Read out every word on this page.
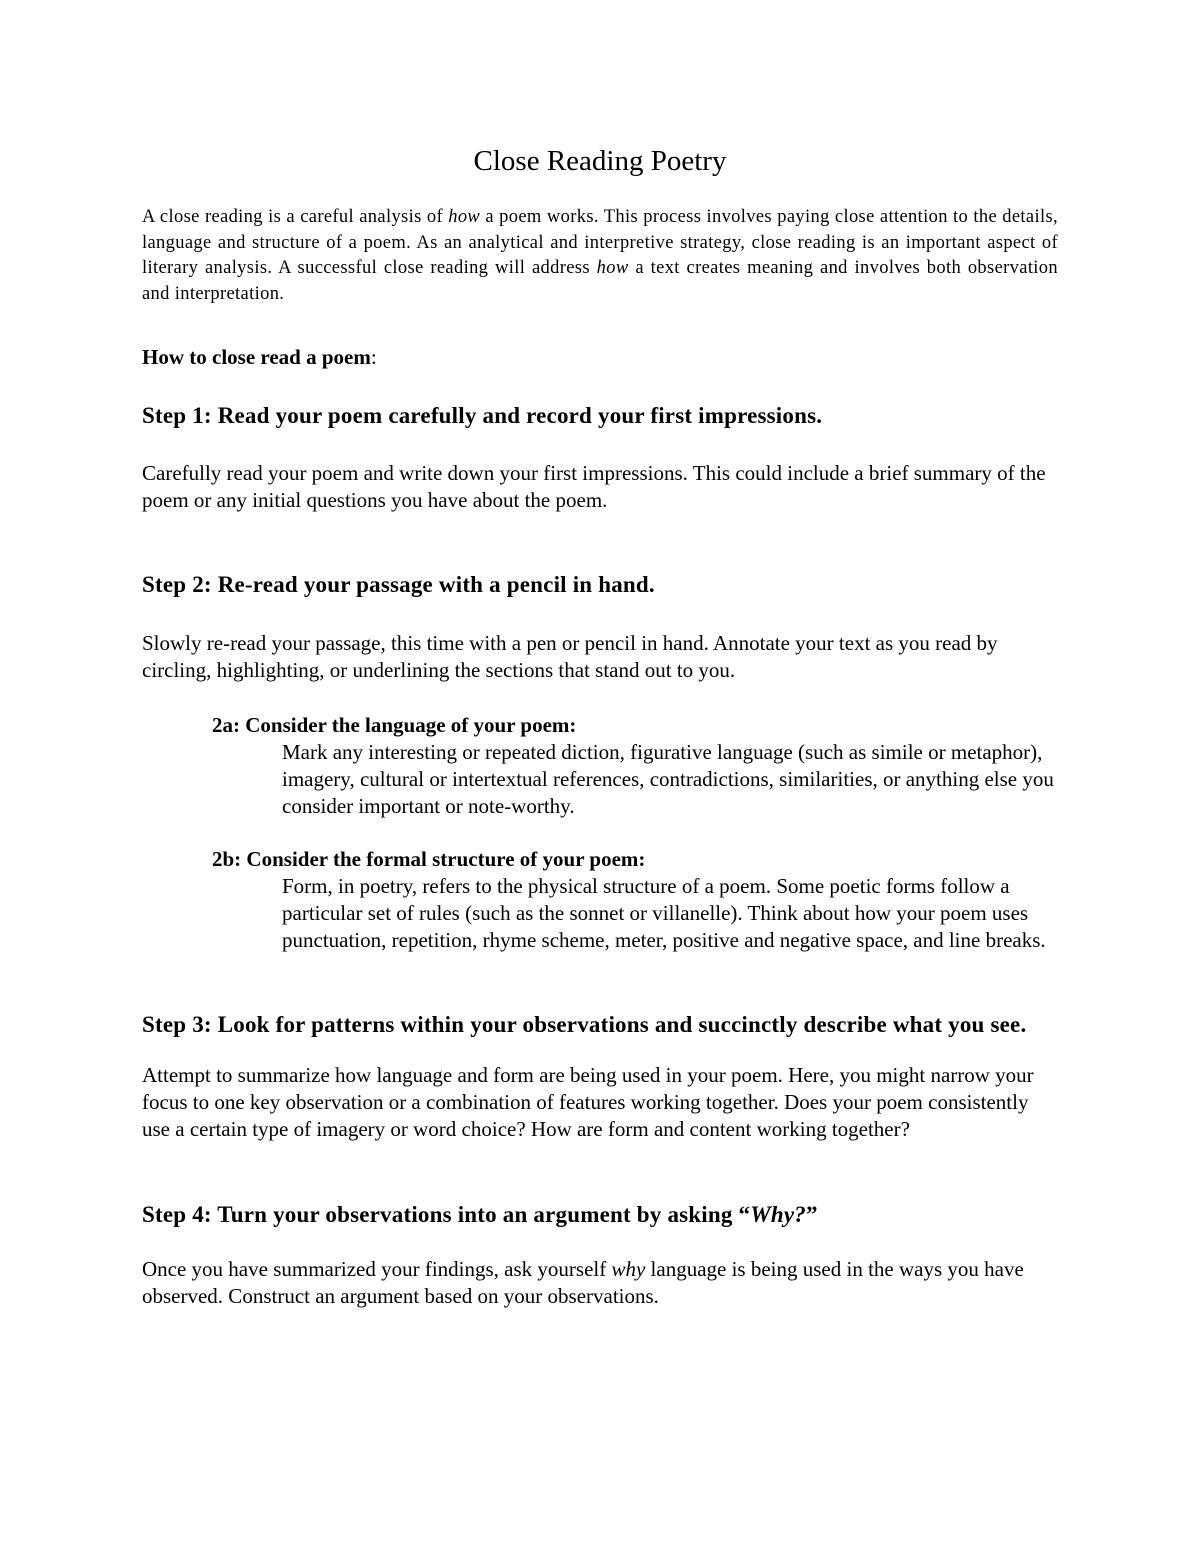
Close Reading Poetry

A close reading is a careful analysis of how a poem works. This process involves paying close attention to the details, language and structure of a poem. As an analytical and interpretive strategy, close reading is an important aspect of literary analysis. A successful close reading will address how a text creates meaning and involves both observation and interpretation.

How to close read a poem:

Step 1: Read your poem carefully and record your first impressions.

Carefully read your poem and write down your first impressions. This could include a brief summary of the poem or any initial questions you have about the poem.

Step 2: Re-read your passage with a pencil in hand.

Slowly re-read your passage, this time with a pen or pencil in hand. Annotate your text as you read by circling, highlighting, or underlining the sections that stand out to you.

2a: Consider the language of your poem:

Mark any interesting or repeated diction, figurative language (such as simile or metaphor), imagery, cultural or intertextual references, contradictions, similarities, or anything else you consider important or note-worthy.

2b: Consider the formal structure of your poem:

Form, in poetry, refers to the physical structure of a poem. Some poetic forms follow a particular set of rules (such as the sonnet or villanelle). Think about how your poem uses punctuation, repetition, rhyme scheme, meter, positive and negative space, and line breaks.

Step 3: Look for patterns within your observations and succinctly describe what you see.

Attempt to summarize how language and form are being used in your poem. Here, you might narrow your focus to one key observation or a combination of features working together. Does your poem consistently use a certain type of imagery or word choice? How are form and content working together?

Step 4: Turn your observations into an argument by asking “Why?”

Once you have summarized your findings, ask yourself why language is being used in the ways you have observed. Construct an argument based on your observations.
